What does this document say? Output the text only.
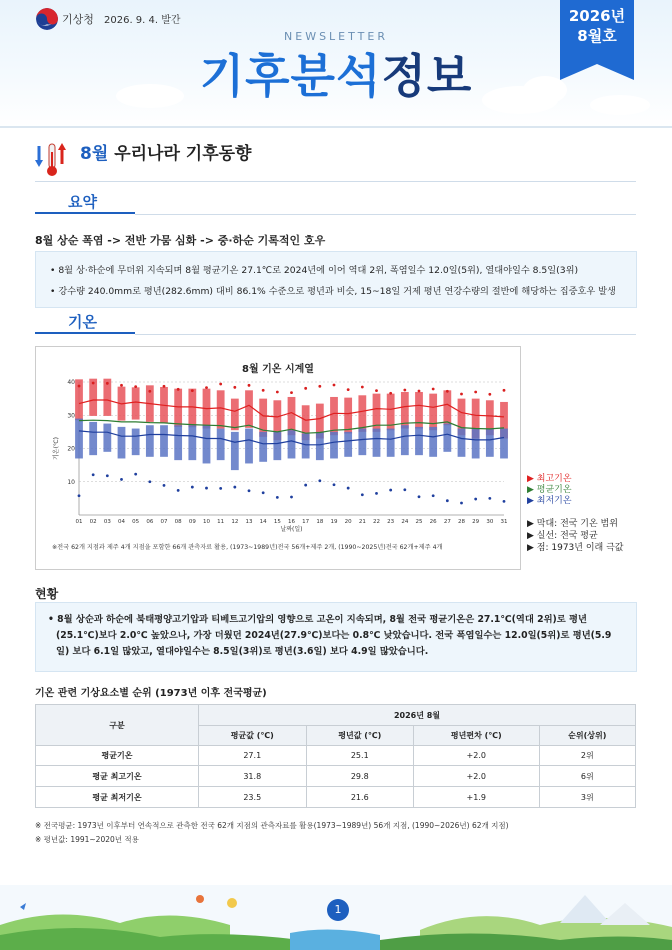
기상청 2026. 9. 4. 발간
NEWSLETTER
기후분석정보
2026년
8월호
8월 우리나라 기후동향
요약
8월 상순 폭염 -> 전반 가뭄 심화 -> 중·하순 기록적인 호우
• 8월 상·하순에 무더위 지속되며 8월 평균기온 27.1℃로 2024년에 이어 역대 2위, 폭염일수 12.0일(5위), 열대야일수 8.5일(3위)
• 강수량 240.0mm로 평년(282.6mm) 대비 86.1% 수준으로 평년과 비슷, 15~18일 거제 평년 연강수량의 절반에 해당하는 집중호우 발생
기온
8월 기온 시계열
10
20
30
40
기온(℃)
날짜(일)
01 02 03 04 05 06 07 08 09 10 11 12 13 14 15 16 17 18 19 20 21 22 23 24 25 26 27 28 29 30 31
※전국 62개 지점과 제주 4개 지점을 포함한 66개 관측자료 활용, (1973~1989년)전국 56개+제주 2개, (1990~2025년)전국 62개+제주 4개
▶ 최고기온
▶ 평균기온
▶ 최저기온
▶ 막대: 전국 기온 범위
▶ 실선: 전국 평균
▶ 점: 1973년 이래 극값
현황
• 8월 상순과 하순에 북태평양고기압과 티베트고기압의 영향으로 고온이 지속되며, 8월 전국 평균기온은 27.1℃(역대 2위)로 평년
(25.1℃)보다 2.0℃ 높았으나, 가장 더웠던 2024년(27.9℃)보다는 0.8℃ 낮았습니다. 전국 폭염일수는 12.0일(5위)로 평년(5.9
일) 보다 6.1일 많았고, 열대야일수는 8.5일(3위)로 평년(3.6일) 보다 4.9일 많았습니다.
기온 관련 기상요소별 순위 (1973년 이후 전국평균)
구분	2026년 8월			
	평균값 (℃)	평년값 (℃)	평년편차 (℃)	순위(상위)
평균기온	27.1	25.1	+2.0	2위
평균 최고기온	31.8	29.8	+2.0	6위
평균 최저기온	23.5	21.6	+1.9	3위
※ 전국평균: 1973년 이후부터 연속적으로 관측한 전국 62개 지점의 관측자료를 활용(1973~1989년) 56개 지점, (1990~2026년) 62개 지점)
※ 평년값: 1991~2020년 적용
1
